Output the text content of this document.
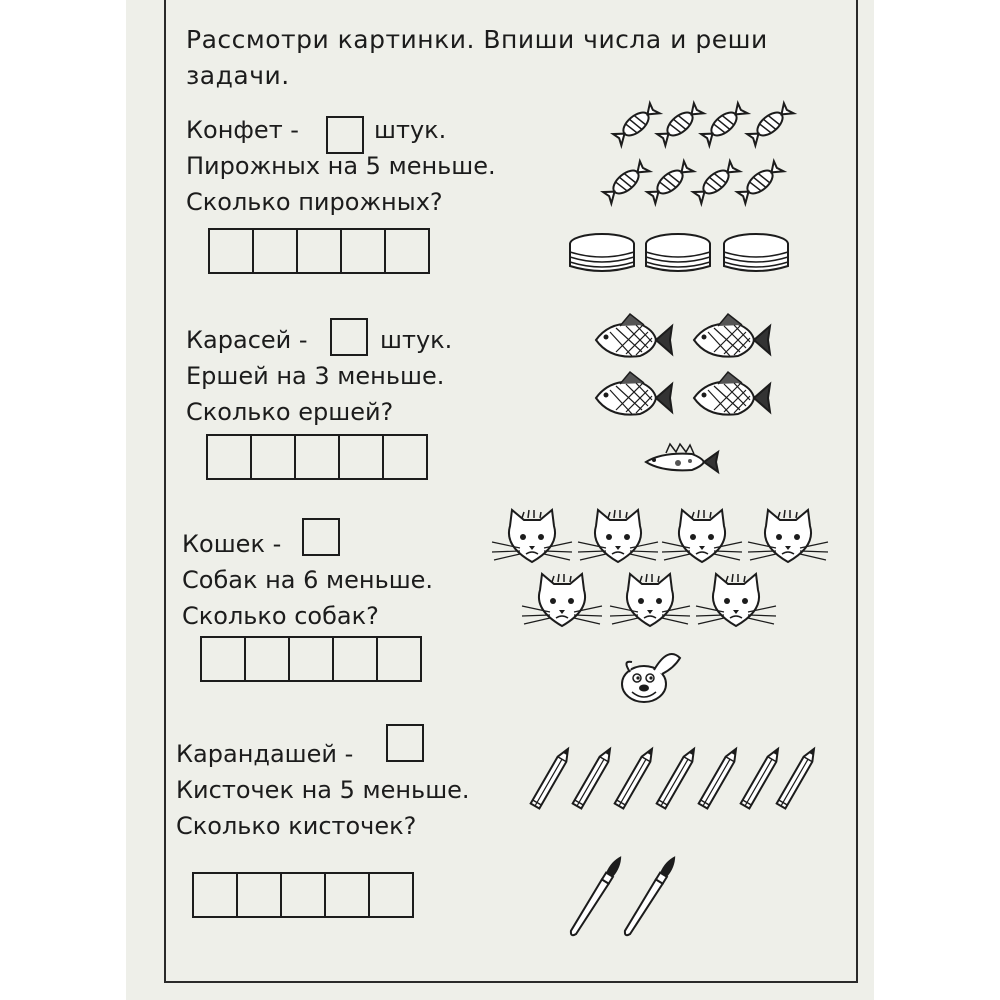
Рассмотри картинки. Впиши числа и реши задачи.
Конфет -	штук.
Пирожных на 5 меньше.
Сколько пирожных?
Карасей -	штук.
Ершей на 3 меньше.
Сколько ершей?
Кошек -
Собак на 6 меньше.
Сколько собак?
Карандашей -
Кисточек на 5 меньше.
Сколько кисточек?
